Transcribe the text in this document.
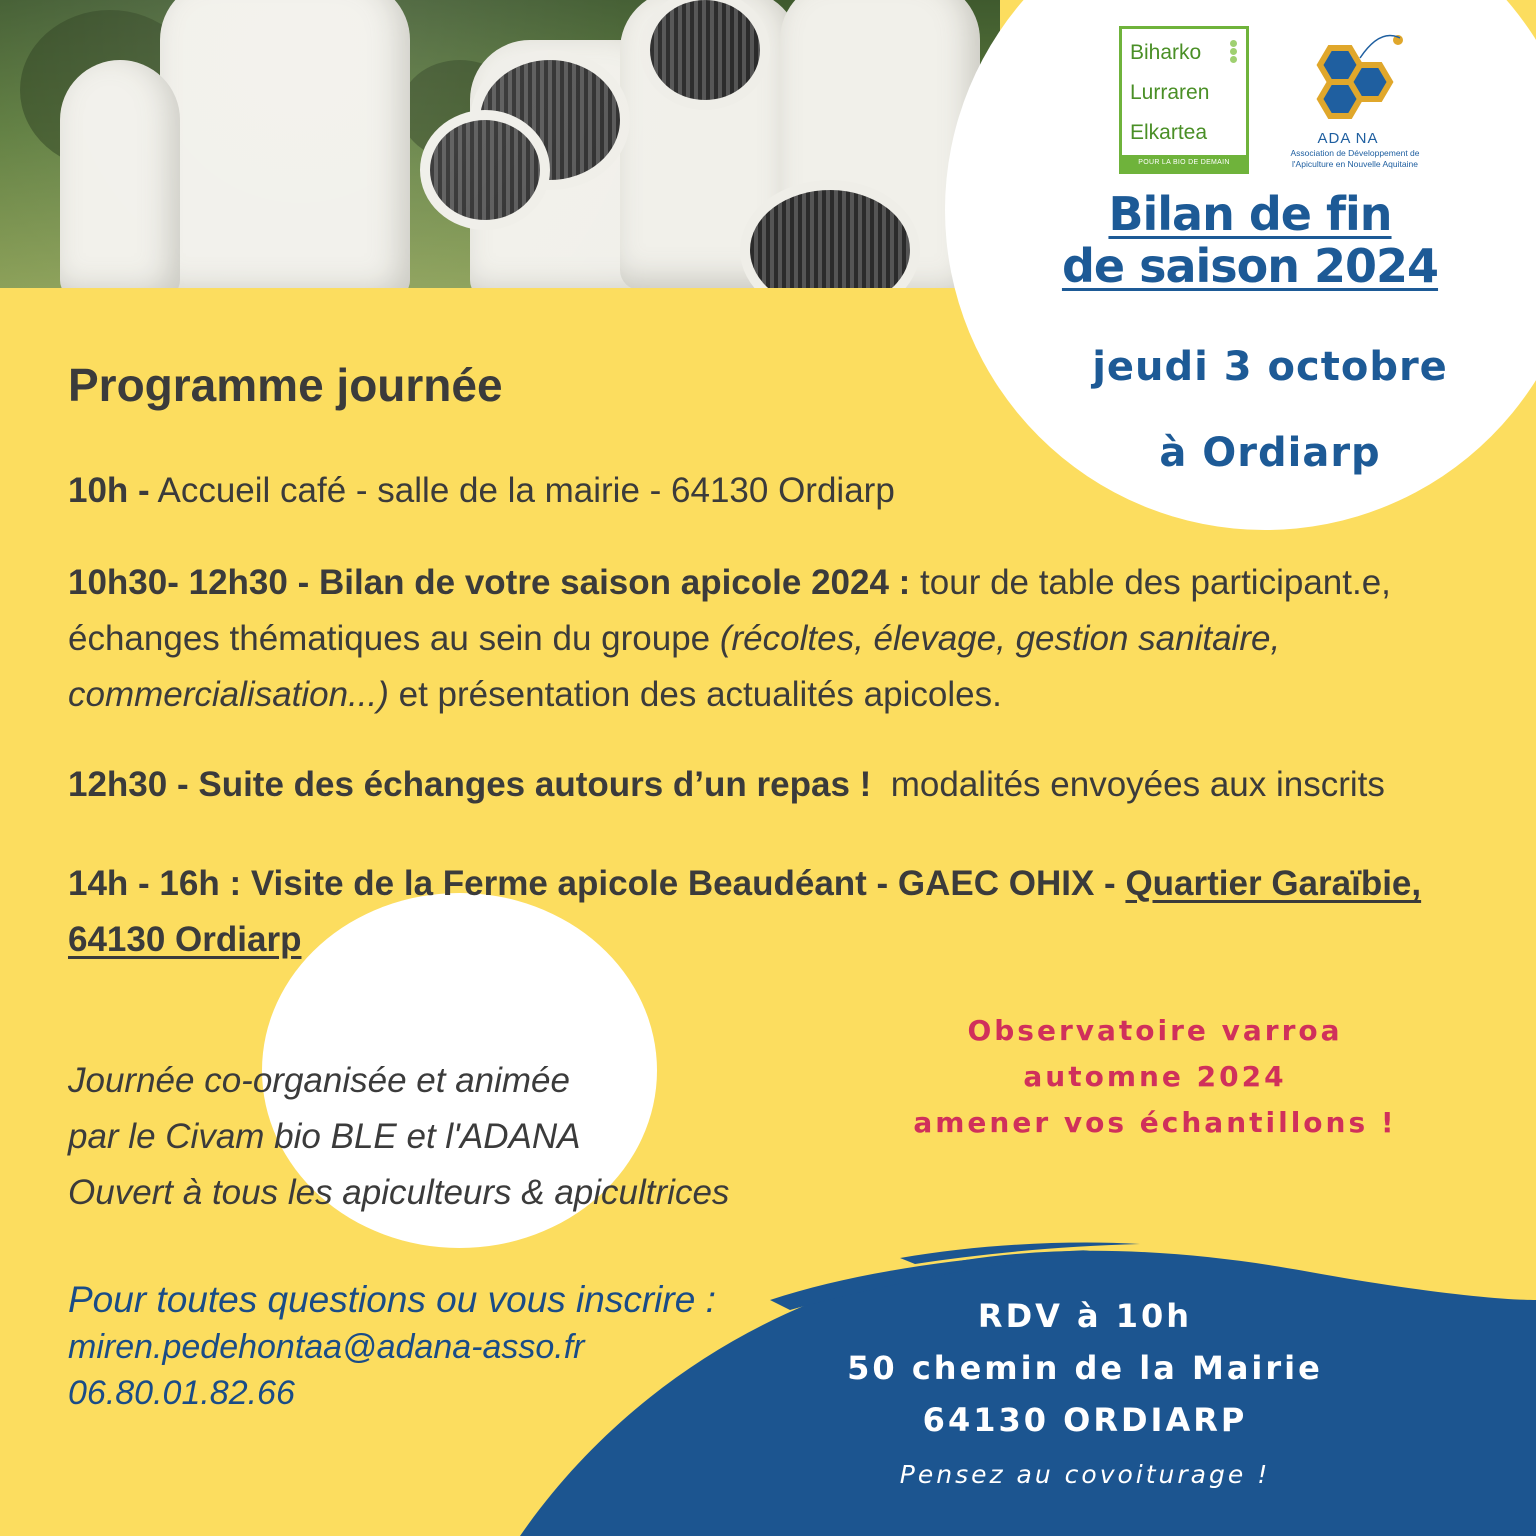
Biharko
Lurraren
Elkartea
POUR LA BIO DE DEMAIN
ADA NA
Association de Développement de
l'Apiculture en Nouvelle Aquitaine
Bilan de fin
de saison 2024
jeudi 3 octobre
à Ordiarp
Programme journée
10h - Accueil café - salle de la mairie - 64130 Ordiarp
10h30- 12h30 - Bilan de votre saison apicole 2024 : tour de table des participant.e, échanges thématiques au sein du groupe (récoltes, élevage, gestion sanitaire, commercialisation...) et présentation des actualités apicoles.
12h30 - Suite des échanges autours d’un repas !  modalités envoyées aux inscrits
14h - 16h : Visite de la Ferme apicole Beaudéant - GAEC OHIX - Quartier Garaïbie, 64130 Ordiarp
Journée co-organisée et animée
par le Civam bio BLE et l'ADANA
Ouvert à tous les apiculteurs & apicultrices
Observatoire varroa
automne 2024
amener vos échantillons !
Pour toutes questions ou vous inscrire :
miren.pedehontaa@adana-asso.fr
06.80.01.82.66
RDV à 10h
50 chemin de la Mairie
64130 ORDIARP
Pensez au covoiturage !
